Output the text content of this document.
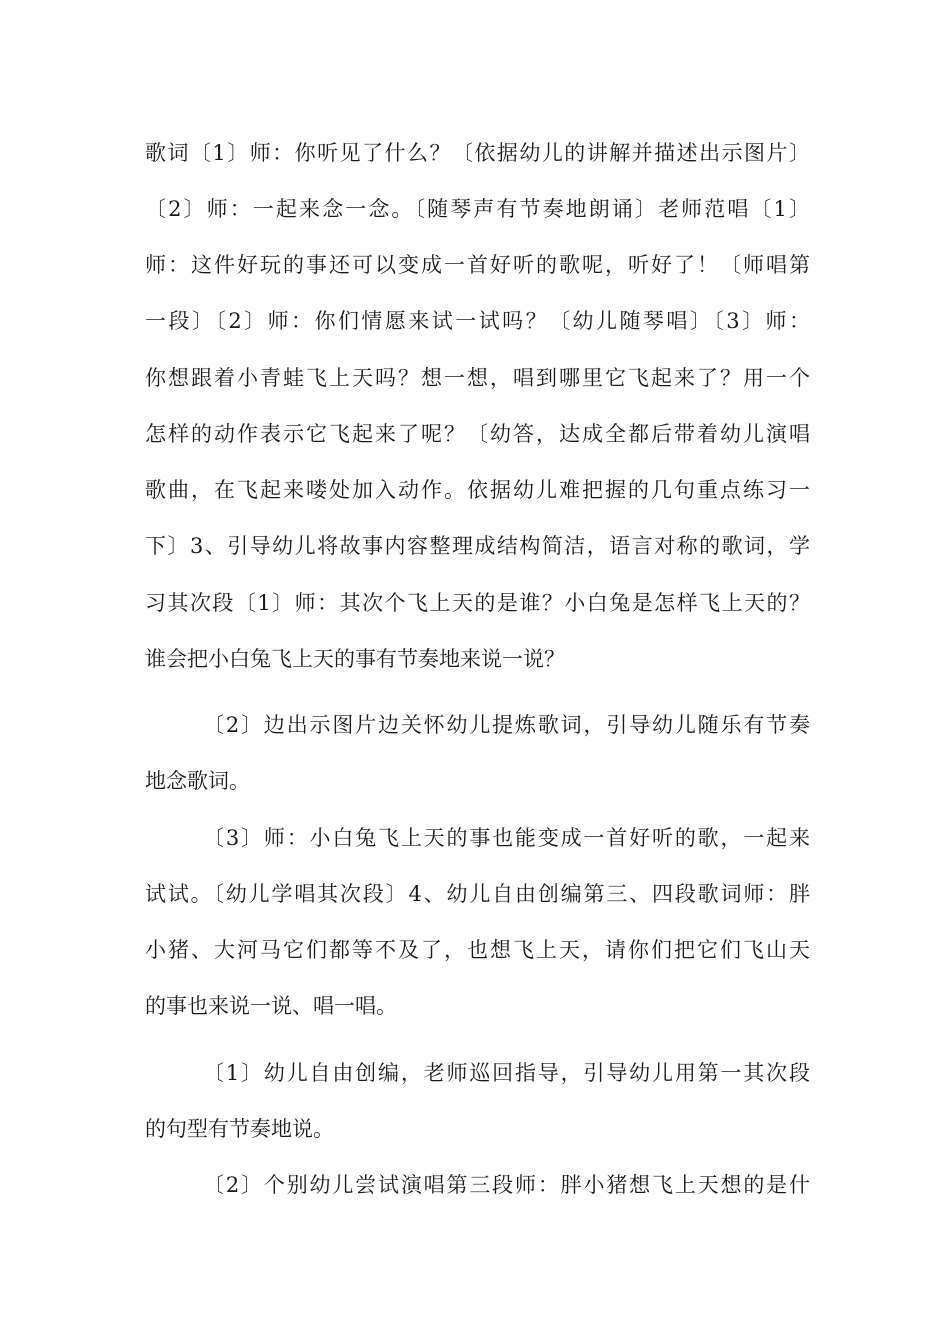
歌词〔1〕师：你听见了什么？〔依据幼儿的讲解并描述出示图片〕
〔2〕师：一起来念一念。〔随琴声有节奏地朗诵〕老师范唱〔1〕
师：这件好玩的事还可以变成一首好听的歌呢，听好了！〔师唱第
一段〕〔2〕师：你们情愿来试一试吗？〔幼儿随琴唱〕〔3〕师：
你想跟着小青蛙飞上天吗？想一想，唱到哪里它飞起来了？用一个
怎样的动作表示它飞起来了呢？〔幼答，达成全都后带着幼儿演唱
歌曲，在飞起来喽处加入动作。依据幼儿难把握的几句重点练习一
下〕3、引导幼儿将故事内容整理成结构简洁，语言对称的歌词，学
习其次段〔1〕师：其次个飞上天的是谁？小白兔是怎样飞上天的？
谁会把小白兔飞上天的事有节奏地来说一说？
〔2〕边出示图片边关怀幼儿提炼歌词，引导幼儿随乐有节奏
地念歌词。
〔3〕师：小白兔飞上天的事也能变成一首好听的歌，一起来
试试。〔幼儿学唱其次段〕4、幼儿自由创编第三、四段歌词师：胖
小猪、大河马它们都等不及了，也想飞上天，请你们把它们飞山天
的事也来说一说、唱一唱。
〔1〕幼儿自由创编，老师巡回指导，引导幼儿用第一其次段
的句型有节奏地说。
〔2〕个别幼儿尝试演唱第三段师：胖小猪想飞上天想的是什
